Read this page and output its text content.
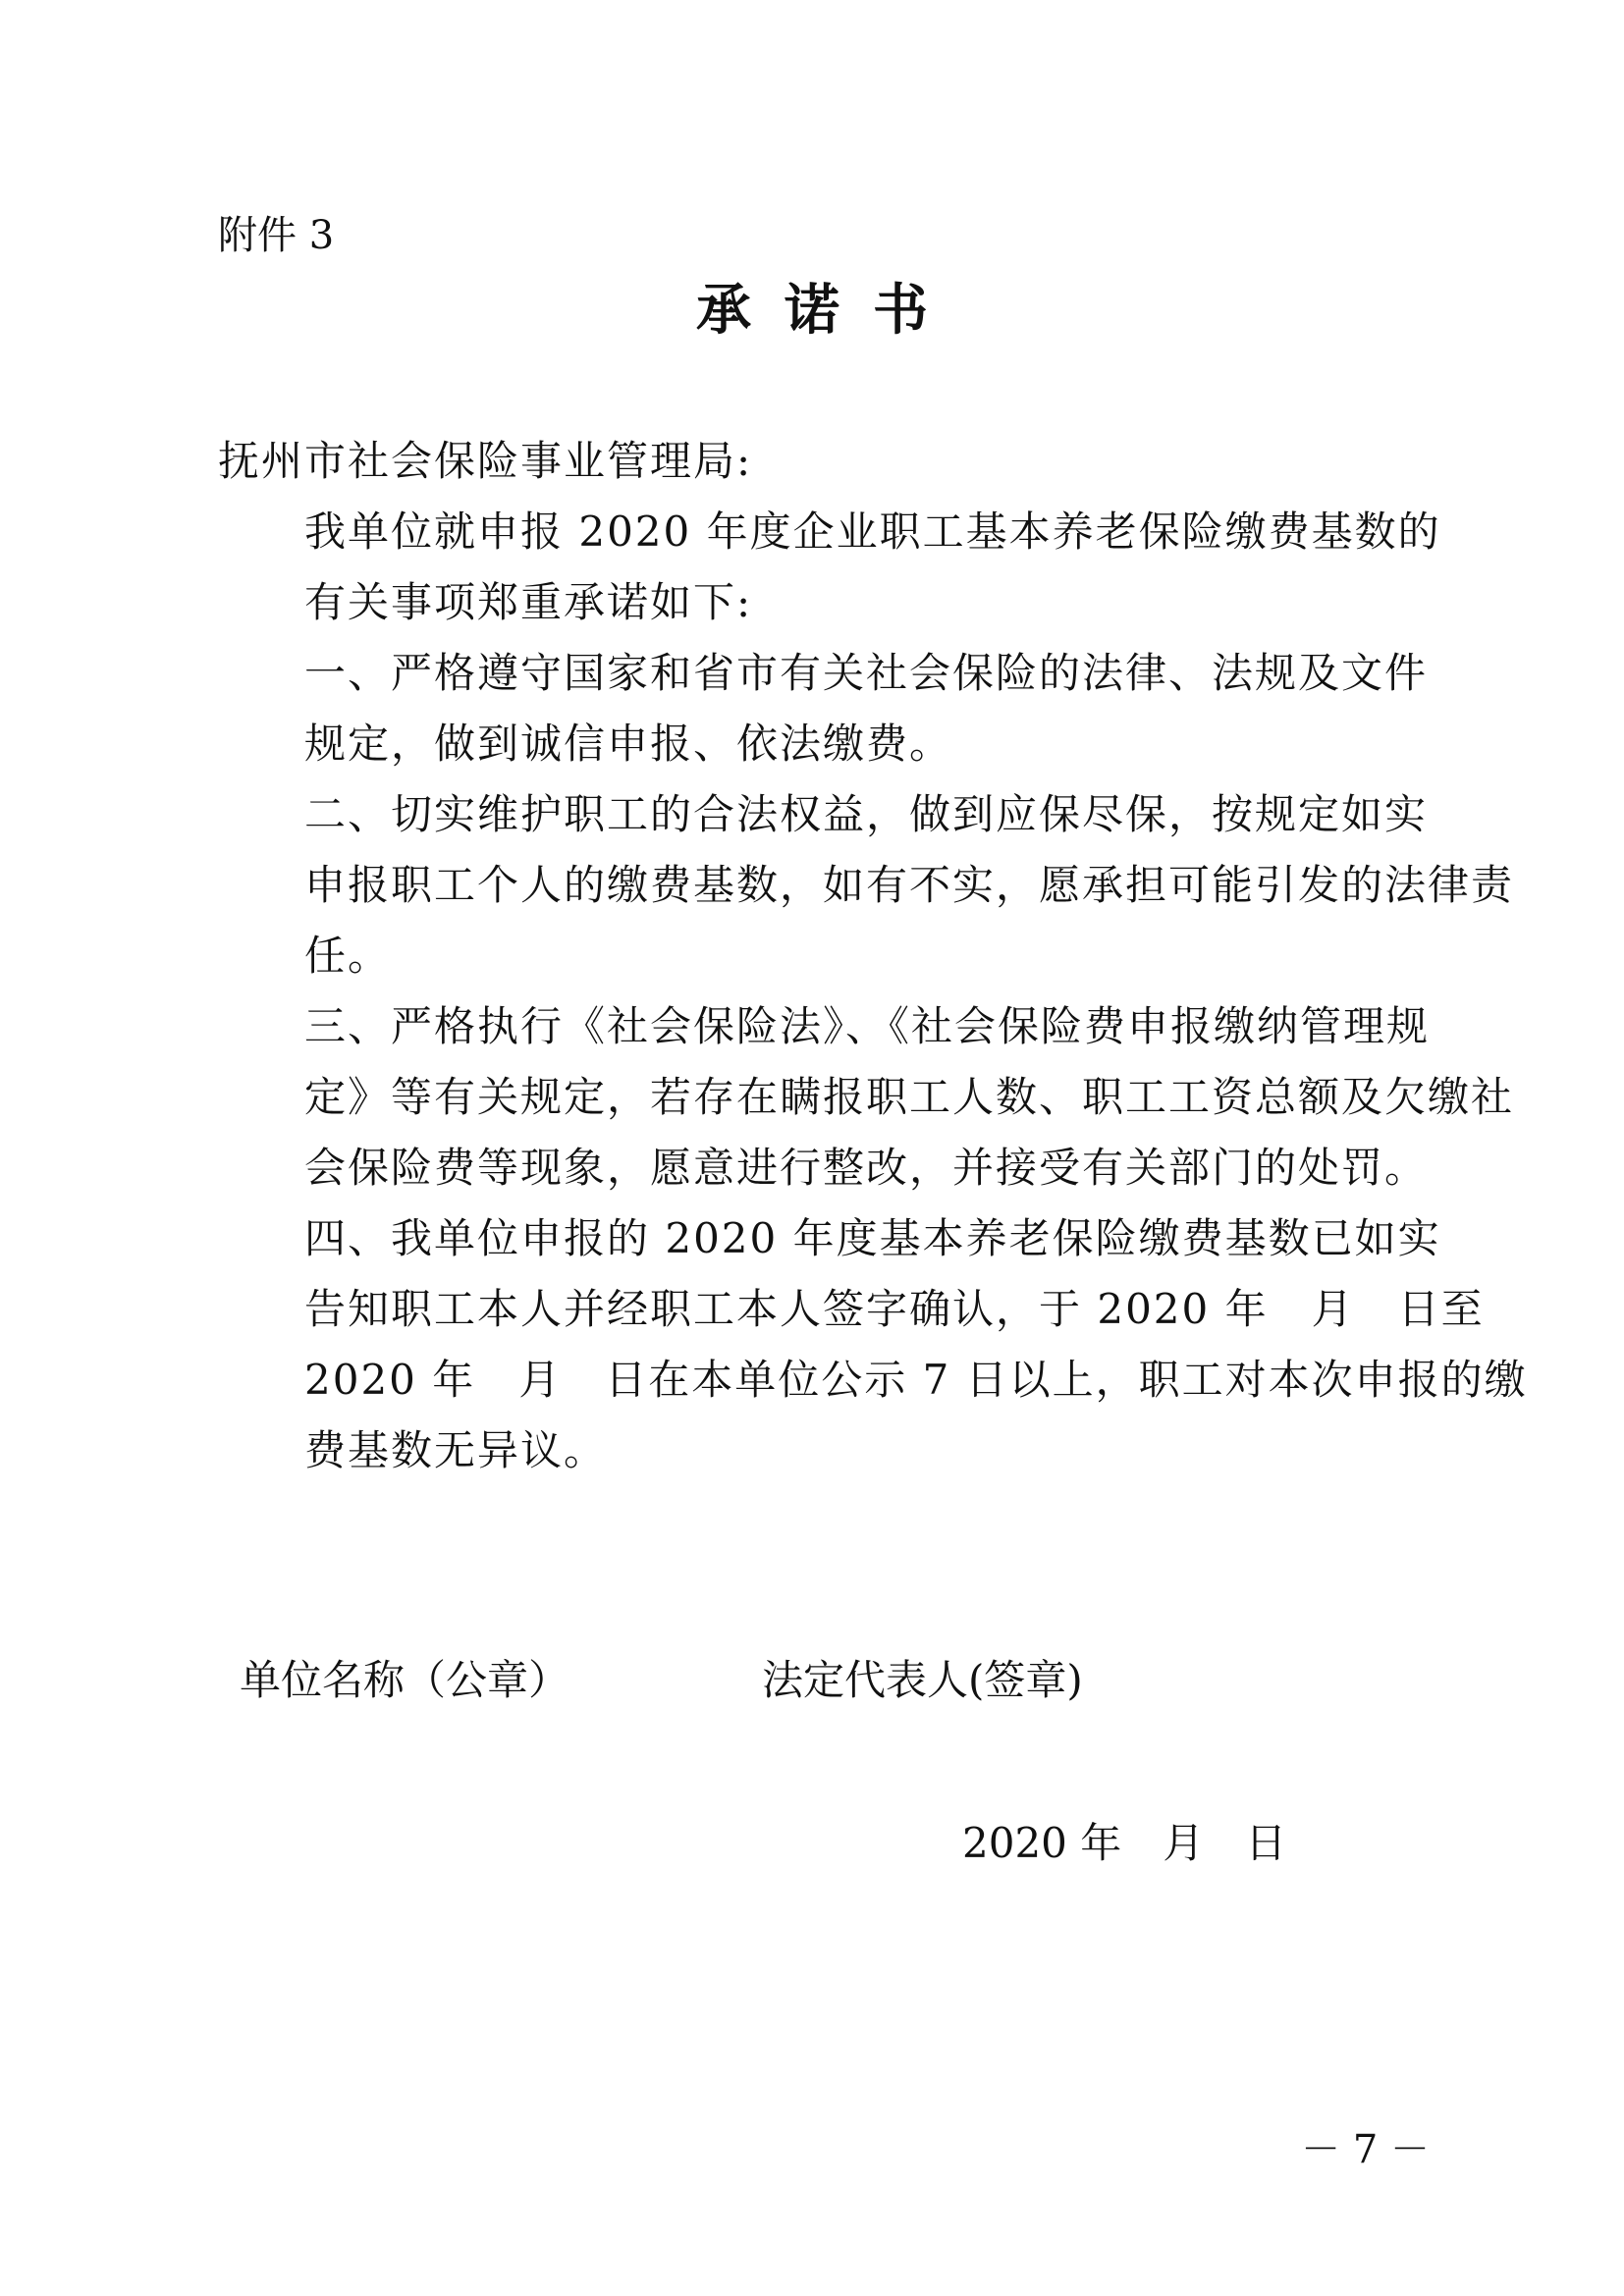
附件 3
承诺书
抚州市社会保险事业管理局:

我单位就申报 2020 年度企业职工基本养老保险缴费基数的
有关事项郑重承诺如下:

一、严格遵守国家和省市有关社会保险的法律、法规及文件
规定，做到诚信申报、依法缴费。

二、切实维护职工的合法权益，做到应保尽保，按规定如实
申报职工个人的缴费基数，如有不实，愿承担可能引发的法律责
任。

三、严格执行《社会保险法》、《社会保险费申报缴纳管理规
定》等有关规定，若存在瞒报职工人数、职工工资总额及欠缴社
会保险费等现象，愿意进行整改，并接受有关部门的处罚。

四、我单位申报的 2020 年度基本养老保险缴费基数已如实
告知职工本人并经职工本人签字确认，于 2020 年　月　日至
2020 年　月　日在本单位公示 7 日以上，职工对本次申报的缴
费基数无异议。

单位名称（公章）	法定代表人(签章)
2020 年　月　日
－ 7 －
